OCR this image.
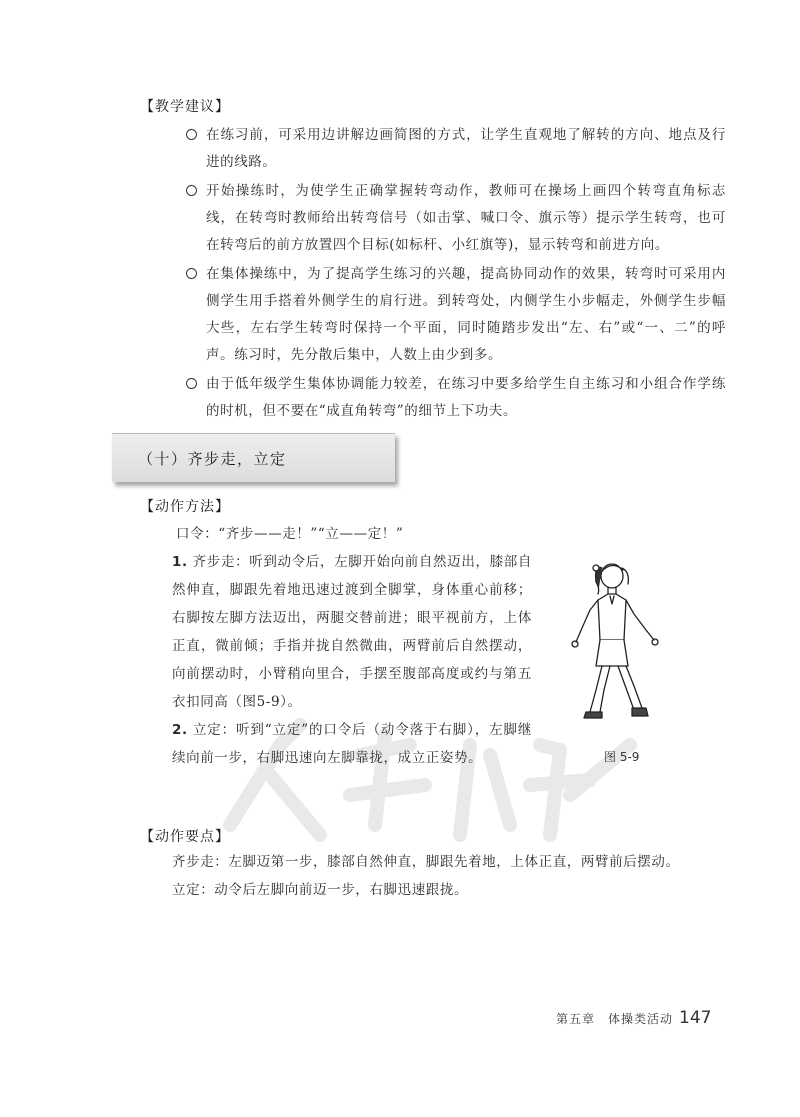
【教学建议】
在练习前，可采用边讲解边画简图的方式，让学生直观地了解转的方向、地点及行进的线路。
开始操练时，为使学生正确掌握转弯动作，教师可在操场上画四个转弯直角标志线，在转弯时教师给出转弯信号（如击掌、喊口令、旗示等）提示学生转弯，也可在转弯后的前方放置四个目标(如标杆、小红旗等)，显示转弯和前进方向。
在集体操练中，为了提高学生练习的兴趣，提高协同动作的效果，转弯时可采用内侧学生用手搭着外侧学生的肩行进。到转弯处，内侧学生小步幅走，外侧学生步幅大些，左右学生转弯时保持一个平面，同时随踏步发出“左、右”或“一、二”的呼声。练习时，先分散后集中，人数上由少到多。
由于低年级学生集体协调能力较差，在练习中要多给学生自主练习和小组合作学练的时机，但不要在“成直角转弯”的细节上下功夫。
（十）齐步走，立定
【动作方法】

口令：“齐步——走！”“立——定！”

1. 齐步走：听到动令后，左脚开始向前自然迈出，膝部自然伸直，脚跟先着地迅速过渡到全脚掌，身体重心前移；右脚按左脚方法迈出，两腿交替前进；眼平视前方，上体正直，微前倾；手指并拢自然微曲，两臂前后自然摆动，向前摆动时，小臂稍向里合，手摆至腹部高度或约与第五衣扣同高（图5-9）。

2. 立定：听到“立定”的口令后（动令落于右脚），左脚继续向前一步，右脚迅速向左脚靠拢，成立正姿势。	图 5-9
【动作要点】

齐步走：左脚迈第一步，膝部自然伸直，脚跟先着地，上体正直，两臂前后摆动。

立定：动令后左脚向前迈一步，右脚迅速跟拢。

第五章　体操类活动 147
